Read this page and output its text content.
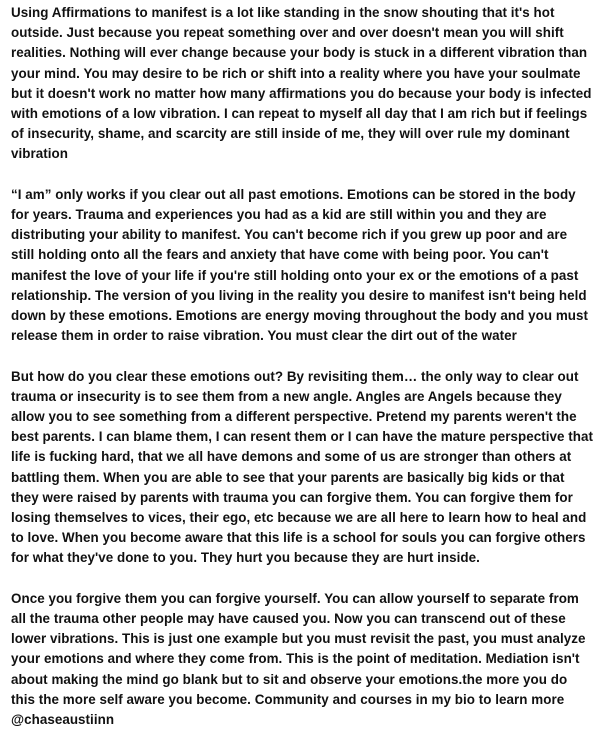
Using Affirmations to manifest is a lot like standing in the snow shouting that it's hot outside. Just because you repeat something over and over doesn't mean you will shift realities. Nothing will ever change because your body is stuck in a different vibration than your mind. You may desire to be rich or shift into a reality where you have your soulmate but it doesn't work no matter how many affirmations you do because your body is infected with emotions of a low vibration. I can repeat to myself all day that I am rich but if feelings of insecurity, shame, and scarcity are still inside of me, they will over rule my dominant vibration

“I am” only works if you clear out all past emotions. Emotions can be stored in the body for years. Trauma and experiences you had as a kid are still within you and they are distributing your ability to manifest. You can't become rich if you grew up poor and are still holding onto all the fears and anxiety that have come with being poor. You can't manifest the love of your life if you're still holding onto your ex or the emotions of a past relationship. The version of you living in the reality you desire to manifest isn't being held down by these emotions. Emotions are energy moving throughout the body and you must release them in order to raise vibration. You must clear the dirt out of the water

But how do you clear these emotions out? By revisiting them… the only way to clear out trauma or insecurity is to see them from a new angle. Angles are Angels because they allow you to see something from a different perspective. Pretend my parents weren't the best parents. I can blame them, I can resent them or I can have the mature perspective that life is fucking hard, that we all have demons and some of us are stronger than others at battling them. When you are able to see that your parents are basically big kids or that they were raised by parents with trauma you can forgive them. You can forgive them for losing themselves to vices, their ego, etc because we are all here to learn how to heal and to love. When you become aware that this life is a school for souls you can forgive others for what they've done to you. They hurt you because they are hurt inside.

Once you forgive them you can forgive yourself. You can allow yourself to separate from all the trauma other people may have caused you. Now you can transcend out of these lower vibrations. This is just one example but you must revisit the past, you must analyze your emotions and where they come from. This is the point of meditation. Mediation isn't about making the mind go blank but to sit and observe your emotions.the more you do this the more self aware you become. Community and courses in my bio to learn more @chaseaustiinn
